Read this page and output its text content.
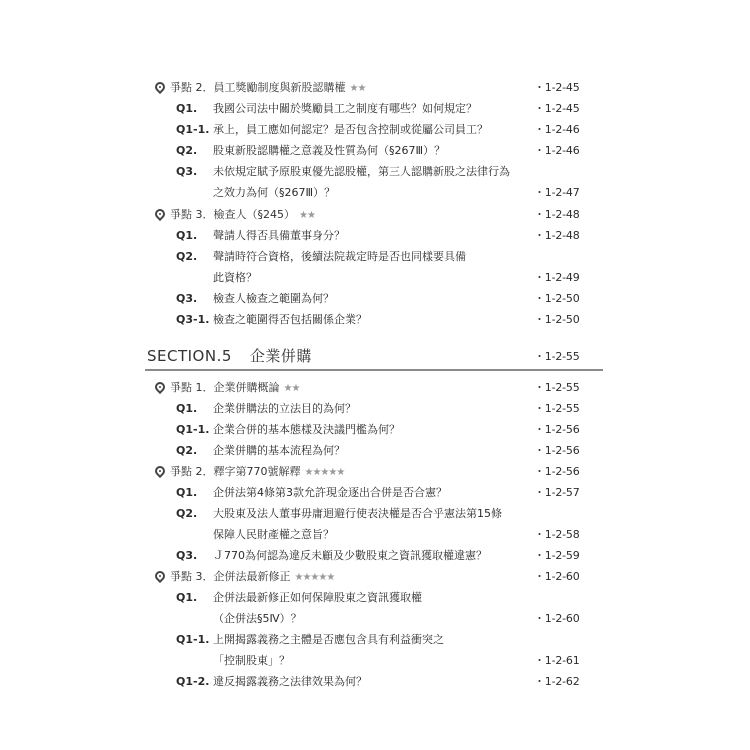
爭點 2．員工獎勵制度與新股認購權 ★★	・1-2-45
Q1. 我國公司法中關於獎勵員工之制度有哪些？如何規定？	・1-2-45
Q1-1. 承上，員工應如何認定？是否包含控制或從屬公司員工？	・1-2-46
Q2. 股東新股認購權之意義及性質為何（§267Ⅲ）？	・1-2-46
Q3. 未依規定賦予原股東優先認股權，第三人認購新股之法律行為
之效力為何（§267Ⅲ）？	・1-2-47
爭點 3．檢查人（§245） ★★	・1-2-48
Q1. 聲請人得否具備董事身分？	・1-2-48
Q2. 聲請時符合資格，後續法院裁定時是否也同樣要具備
此資格？	・1-2-49
Q3. 檢查人檢查之範圍為何？	・1-2-50
Q3-1. 檢查之範圍得否包括關係企業？	・1-2-50
SECTION.5 企業併購	・1-2-55
爭點 1．企業併購概論 ★★	・1-2-55
Q1. 企業併購法的立法目的為何？	・1-2-55
Q1-1. 企業合併的基本態樣及決議門檻為何？	・1-2-56
Q2. 企業併購的基本流程為何？	・1-2-56
爭點 2．釋字第770號解釋 ★★★★★	・1-2-56
Q1. 企併法第4條第3款允許現金逐出合併是否合憲？	・1-2-57
Q2. 大股東及法人董事毋庸迴避行使表決權是否合乎憲法第15條
保障人民財產權之意旨？	・1-2-58
Q3. Ｊ770為何認為違反未顧及少數股東之資訊獲取權違憲？	・1-2-59
爭點 3．企併法最新修正 ★★★★★	・1-2-60
Q1. 企併法最新修正如何保障股東之資訊獲取權
（企併法§5Ⅳ）？	・1-2-60
Q1-1. 上開揭露義務之主體是否應包含具有利益衝突之
「控制股東」？	・1-2-61
Q1-2. 違反揭露義務之法律效果為何？	・1-2-62
